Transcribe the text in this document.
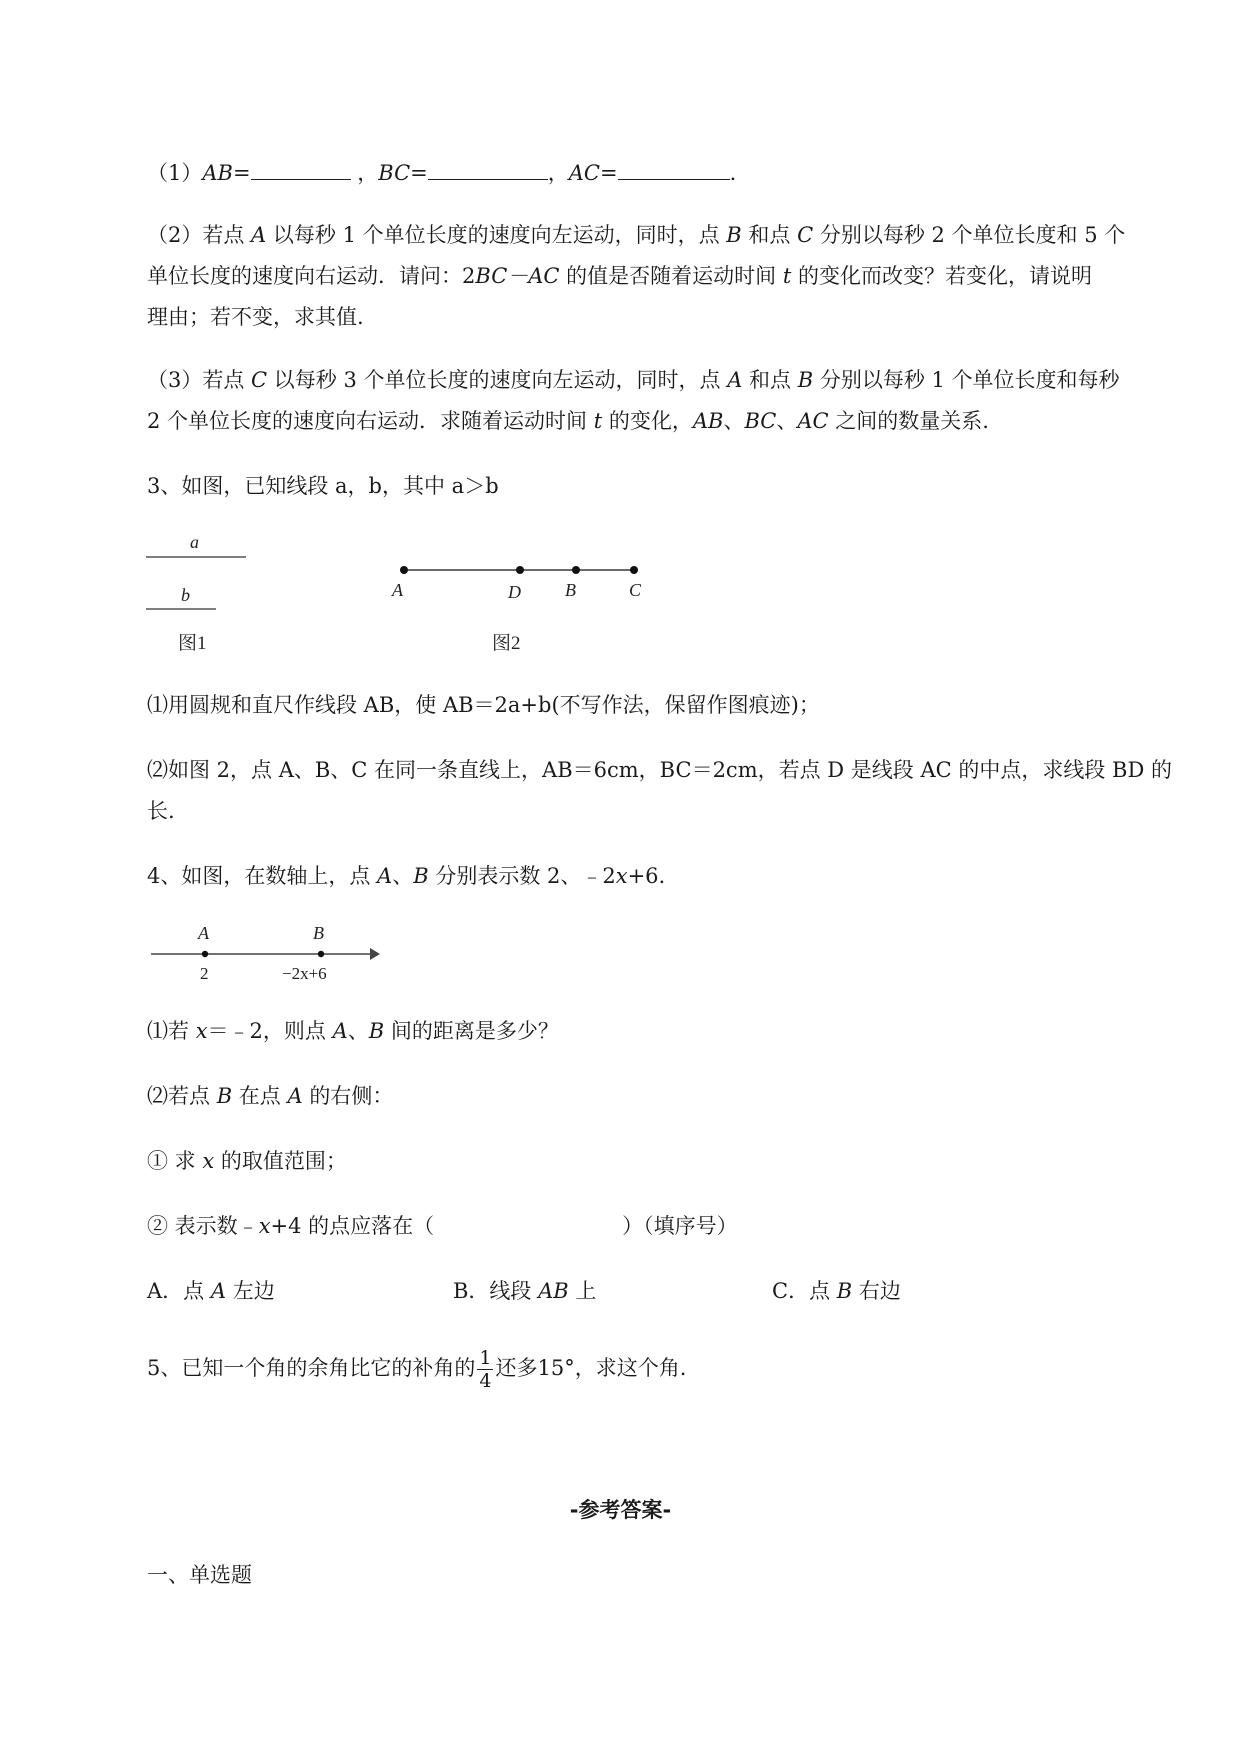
（1）AB=	，BC=	，AC=	.
（2）若点 A 以每秒 1 个单位长度的速度向左运动，同时，点 B 和点 C 分别以每秒 2 个单位长度和 5 个
单位长度的速度向右运动．请问：2BC－AC 的值是否随着运动时间 t 的变化而改变？若变化，请说明
理由；若不变，求其值.
（3）若点 C 以每秒 3 个单位长度的速度向左运动，同时，点 A 和点 B 分别以每秒 1 个单位长度和每秒
2 个单位长度的速度向右运动．求随着运动时间 t 的变化，AB、BC、AC 之间的数量关系.
3、如图，已知线段 a，b，其中 a＞b
a
b
图1
A	D B	C
图2
⑴用圆规和直尺作线段 AB，使 AB＝2a+b(不写作法，保留作图痕迹)；
⑵如图 2，点 A、B、C 在同一条直线上，AB＝6cm，BC＝2cm，若点 D 是线段 AC 的中点，求线段 BD 的
长.
4、如图，在数轴上，点 A、B 分别表示数 2、﹣2x+6.
A	B
2	−2x+6
⑴若 x＝﹣2，则点 A、B 间的距离是多少？
⑵若点 B 在点 A 的右侧：
① 求 x 的取值范围；
② 表示数﹣x+4 的点应落在（	）（填序号）
A．点 A 左边	B．线段 AB 上	C．点 B 右边
5、已知一个角的余角比它的补角的 $\frac{1}{4}$ 还多15°，求这个角.
-参考答案-
一、单选题
